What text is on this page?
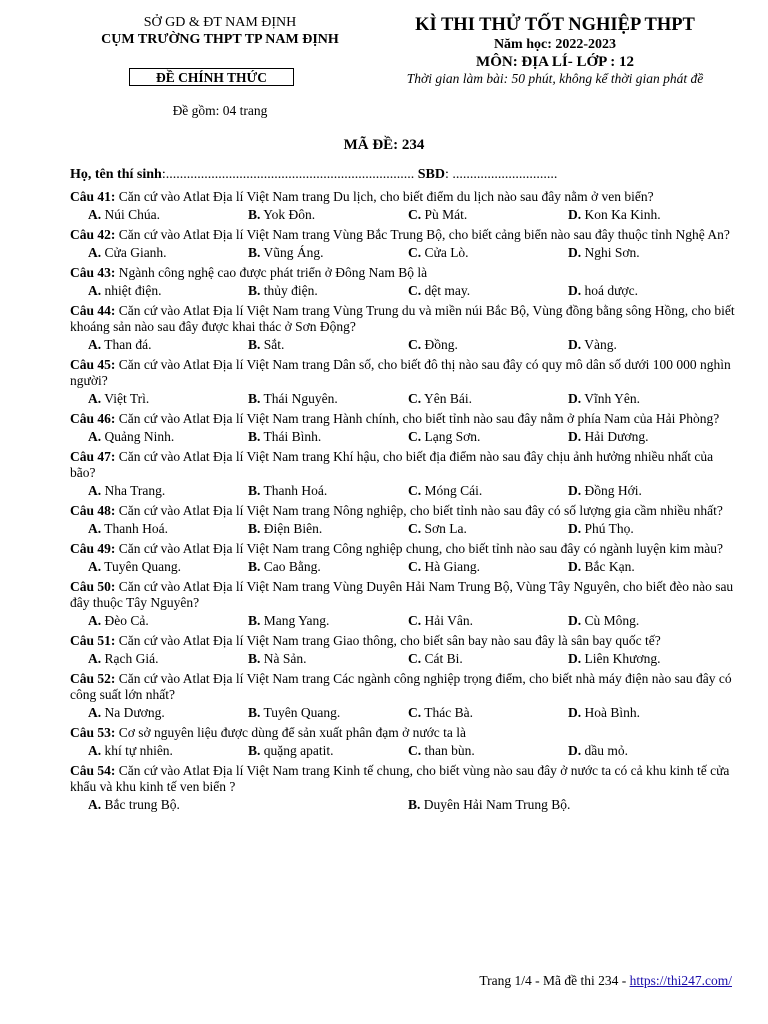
SỞ GD & ĐT NAM ĐỊNH
CỤM TRƯỜNG THPT TP NAM ĐỊNH
ĐỀ CHÍNH THỨC
Đề gồm: 04 trang
KÌ THI THỬ TỐT NGHIỆP THPT
Năm học: 2022-2023
MÔN: ĐỊA LÍ- LỚP : 12
Thời gian làm bài: 50 phút, không kể thời gian phát đề
MÃ ĐỀ: 234
Họ, tên thí sinh:....................................................................... SBD: ..............................
Câu 41: Căn cứ vào Atlat Địa lí Việt Nam trang Du lịch, cho biết điểm du lịch nào sau đây nằm ở ven biển?
A. Núi Chúa.	B. Yok Đôn.	C. Pù Mát.	D. Kon Ka Kinh.
Câu 42: Căn cứ vào Atlat Địa lí Việt Nam trang Vùng Bắc Trung Bộ, cho biết cảng biển nào sau đây thuộc tỉnh Nghệ An?
A. Cửa Gianh.	B. Vũng Áng.	C. Cửa Lò.	D. Nghi Sơn.
Câu 43: Ngành công nghệ cao được phát triển ở Đông Nam Bộ là
A. nhiệt điện.	B. thủy điện.	C. dệt may.	D. hoá dược.
Câu 44: Căn cứ vào Atlat Địa lí Việt Nam trang Vùng Trung du và miền núi Bắc Bộ, Vùng đồng bằng sông Hồng, cho biết khoáng sản nào sau đây được khai thác ở Sơn Động?
A. Than đá.	B. Sắt.	C. Đồng.	D. Vàng.
Câu 45: Căn cứ vào Atlat Địa lí Việt Nam trang Dân số, cho biết đô thị nào sau đây có quy mô dân số dưới 100 000 nghìn người?
A. Việt Trì.	B. Thái Nguyên.	C. Yên Bái.	D. Vĩnh Yên.
Câu 46: Căn cứ vào Atlat Địa lí Việt Nam trang Hành chính, cho biết tỉnh nào sau đây nằm ở phía Nam của Hải Phòng?
A. Quảng Ninh.	B. Thái Bình.	C. Lạng Sơn.	D. Hải Dương.
Câu 47: Căn cứ vào Atlat Địa lí Việt Nam trang Khí hậu, cho biết địa điểm nào sau đây chịu ảnh hưởng nhiều nhất của bão?
A. Nha Trang.	B. Thanh Hoá.	C. Móng Cái.	D. Đồng Hới.
Câu 48: Căn cứ vào Atlat Địa lí Việt Nam trang Nông nghiệp, cho biết tỉnh nào sau đây có số lượng gia cầm nhiều nhất?
A. Thanh Hoá.	B. Điện Biên.	C. Sơn La.	D. Phú Thọ.
Câu 49: Căn cứ vào Atlat Địa lí Việt Nam trang Công nghiệp chung, cho biết tỉnh nào sau đây có ngành luyện kim màu?
A. Tuyên Quang.	B. Cao Bằng.	C. Hà Giang.	D. Bắc Kạn.
Câu 50: Căn cứ vào Atlat Địa lí Việt Nam trang Vùng Duyên Hải Nam Trung Bộ, Vùng Tây Nguyên, cho biết đèo nào sau đây thuộc Tây Nguyên?
A. Đèo Cả.	B. Mang Yang.	C. Hải Vân.	D. Cù Mông.
Câu 51: Căn cứ vào Atlat Địa lí Việt Nam trang Giao thông, cho biết sân bay nào sau đây là sân bay quốc tế?
A. Rạch Giá.	B. Nà Sản.	C. Cát Bi.	D. Liên Khương.
Câu 52: Căn cứ vào Atlat Địa lí Việt Nam trang Các ngành công nghiệp trọng điểm, cho biết nhà máy điện nào sau đây có công suất lớn nhất?
A. Na Dương.	B. Tuyên Quang.	C. Thác Bà.	D. Hoà Bình.
Câu 53: Cơ sở nguyên liệu được dùng để sản xuất phân đạm ở nước ta là
A. khí tự nhiên.	B. quặng apatit.	C. than bùn.	D. dầu mỏ.
Câu 54: Căn cứ vào Atlat Địa lí Việt Nam trang Kinh tế chung, cho biết vùng nào sau đây ở nước ta có cả khu kinh tế cửa khẩu và khu kinh tế ven biển ?
A. Bắc trung Bộ.	B. Duyên Hải Nam Trung Bộ.
Trang 1/4 - Mã đề thi 234 - https://thi247.com/
